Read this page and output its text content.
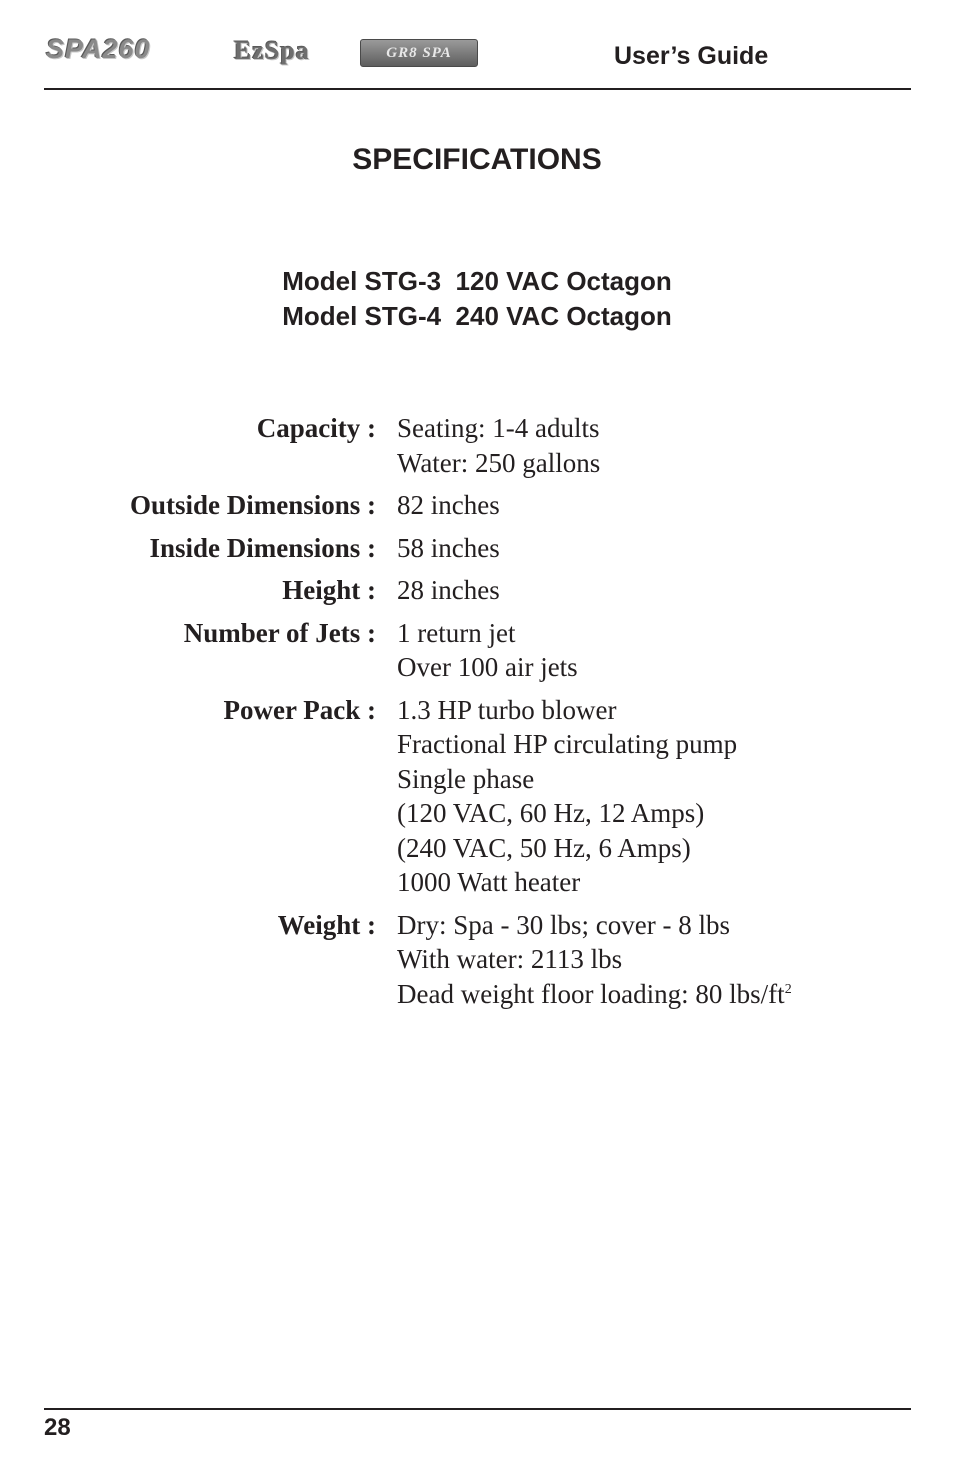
SPA260	EzSpa	GR8 SPA	User’s Guide
SPECIFICATIONS
Model STG-3  120 VAC Octagon
Model STG-4  240 VAC Octagon
Capacity : Seating: 1-4 adults
Water: 250 gallons
Outside Dimensions : 82 inches
Inside Dimensions : 58 inches
Height : 28 inches
Number of Jets : 1 return jet
Over 100 air jets
Power Pack : 1.3 HP turbo blower
Fractional HP circulating pump
Single phase
(120 VAC, 60 Hz, 12 Amps)
(240 VAC, 50 Hz, 6 Amps)
1000 Watt heater
Weight : Dry: Spa - 30 lbs; cover - 8 lbs
With water: 2113 lbs
Dead weight floor loading: 80 lbs/$ft^2$
28
